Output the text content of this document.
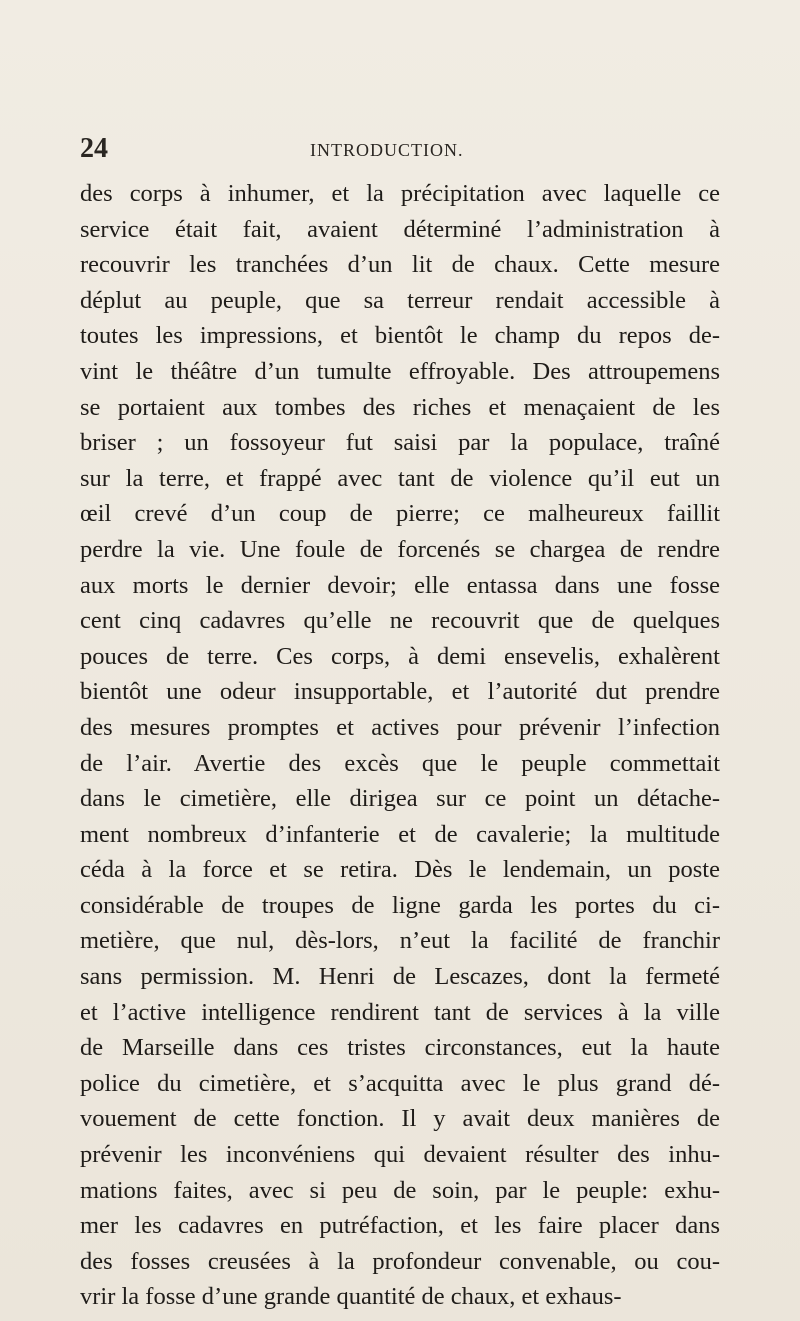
24	INTRODUCTION.
des corps à inhumer, et la précipitation avec laquelle ce
service était fait, avaient déterminé l’administration à
recouvrir les tranchées d’un lit de chaux. Cette mesure
déplut au peuple, que sa terreur rendait accessible à
toutes les impressions, et bientôt le champ du repos de-
vint le théâtre d’un tumulte effroyable. Des attroupemens
se portaient aux tombes des riches et menaçaient de les
briser ; un fossoyeur fut saisi par la populace, traîné
sur la terre, et frappé avec tant de violence qu’il eut un
œil crevé d’un coup de pierre; ce malheureux faillit
perdre la vie. Une foule de forcenés se chargea de rendre
aux morts le dernier devoir; elle entassa dans une fosse
cent cinq cadavres qu’elle ne recouvrit que de quelques
pouces de terre. Ces corps, à demi ensevelis, exhalèrent
bientôt une odeur insupportable, et l’autorité dut prendre
des mesures promptes et actives pour prévenir l’infection
de l’air. Avertie des excès que le peuple commettait
dans le cimetière, elle dirigea sur ce point un détache-
ment nombreux d’infanterie et de cavalerie; la multitude
céda à la force et se retira. Dès le lendemain, un poste
considérable de troupes de ligne garda les portes du ci-
metière, que nul, dès-lors, n’eut la facilité de franchir
sans permission. M. Henri de Lescazes, dont la fermeté
et l’active intelligence rendirent tant de services à la ville
de Marseille dans ces tristes circonstances, eut la haute
police du cimetière, et s’acquitta avec le plus grand dé-
vouement de cette fonction. Il y avait deux manières de
prévenir les inconvéniens qui devaient résulter des inhu-
mations faites, avec si peu de soin, par le peuple: exhu-
mer les cadavres en putréfaction, et les faire placer dans
des fosses creusées à la profondeur convenable, ou cou-
vrir la fosse d’une grande quantité de chaux, et exhaus-
